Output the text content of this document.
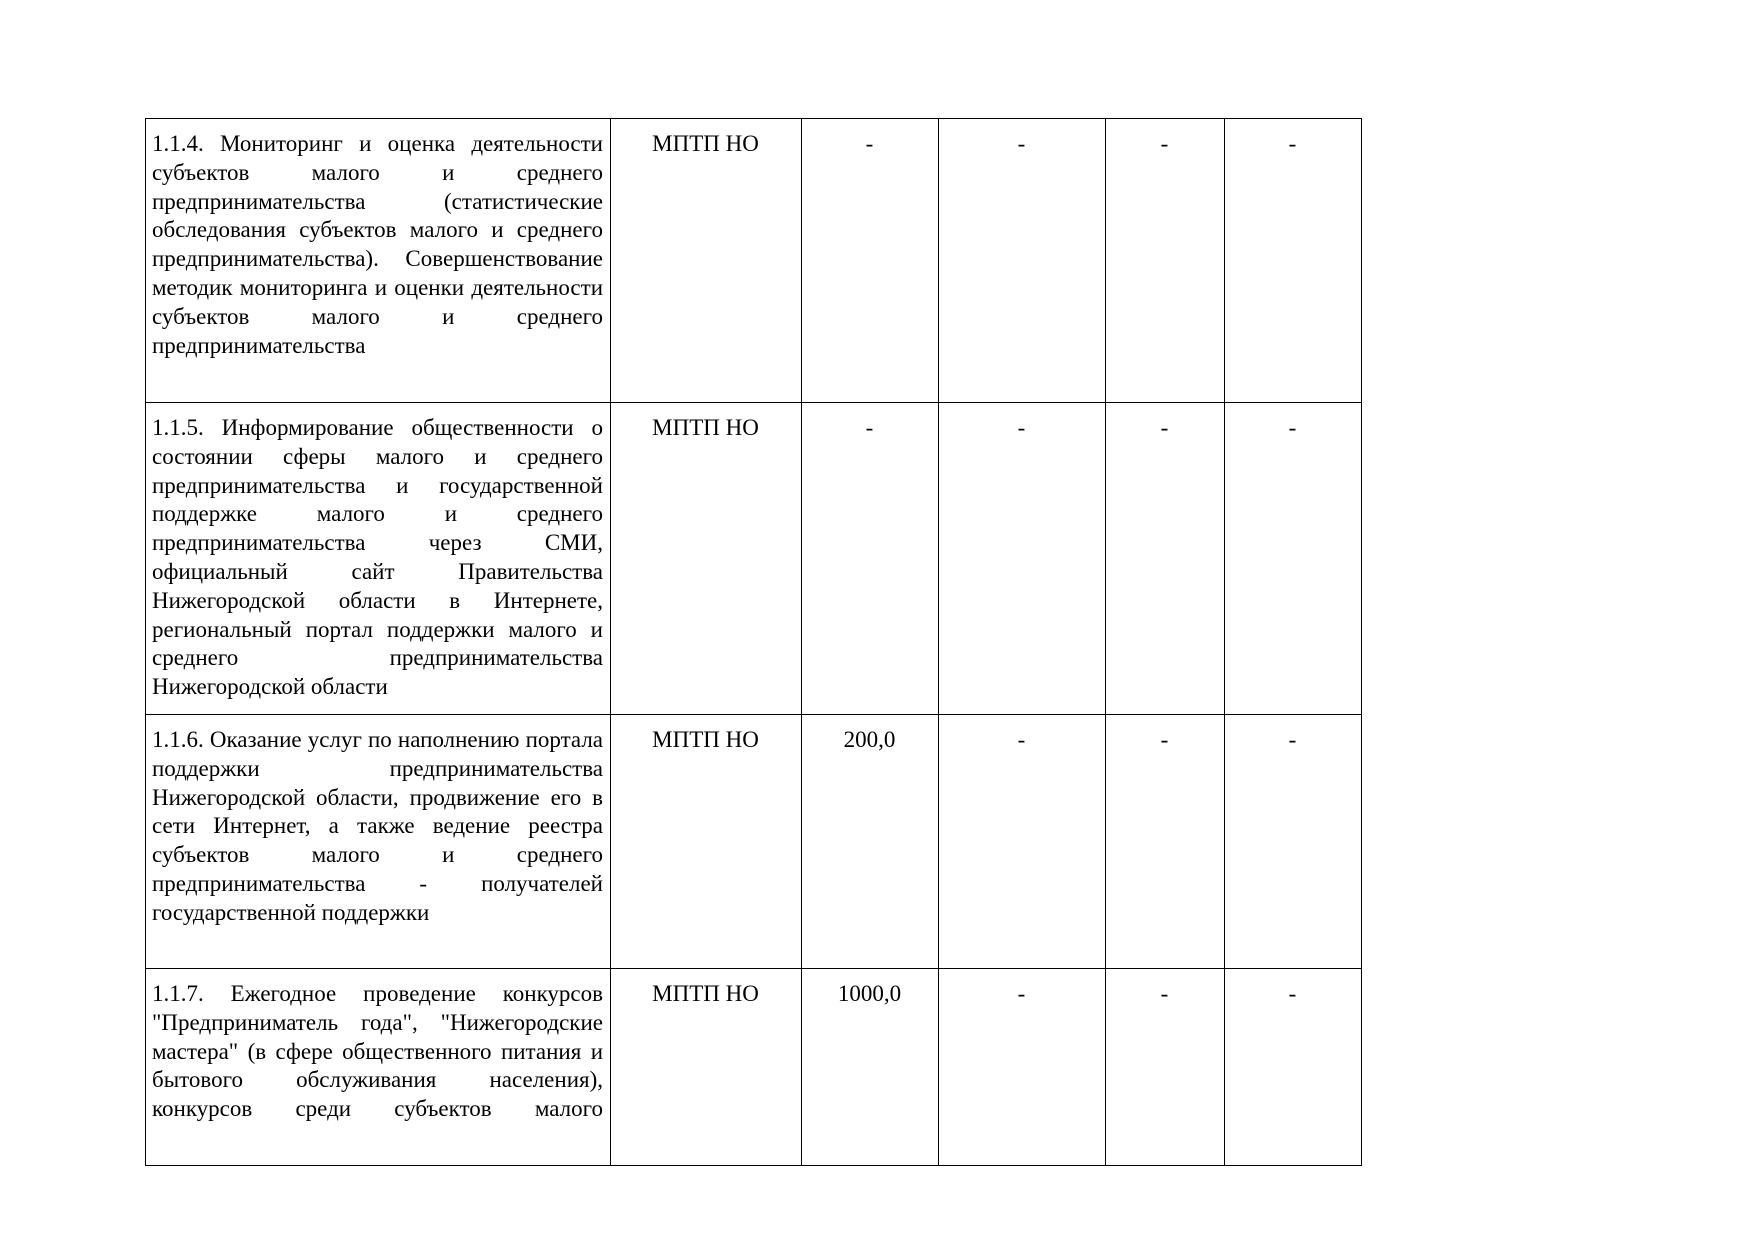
1.1.4. Мониторинг и оценка деятельности субъектов малого и среднего предпринимательства (статистические обследования субъектов малого и среднего предпринимательства). Совершенствование методик мониторинга и оценки деятельности субъектов малого и среднего предпринимательства	МПТП НО	-	-	-	-

1.1.5. Информирование общественности о состоянии сферы малого и среднего предпринимательства и государственной поддержке малого и среднего предпринимательства через СМИ, официальный сайт Правительства Нижегородской области в Интернете, региональный портал поддержки малого и среднего предпринимательства Нижегородской области	МПТП НО	-	-	-	-

1.1.6. Оказание услуг по наполнению портала поддержки предпринимательства Нижегородской области, продвижение его в сети Интернет, а также ведение реестра субъектов малого и среднего предпринимательства - получателей государственной поддержки	МПТП НО	200,0	-	-	-

1.1.7. Ежегодное проведение конкурсов "Предприниматель года", "Нижегородские мастера" (в сфере общественного питания и бытового обслуживания населения), конкурсов среди субъектов малого	МПТП НО	1000,0	-	-	-
